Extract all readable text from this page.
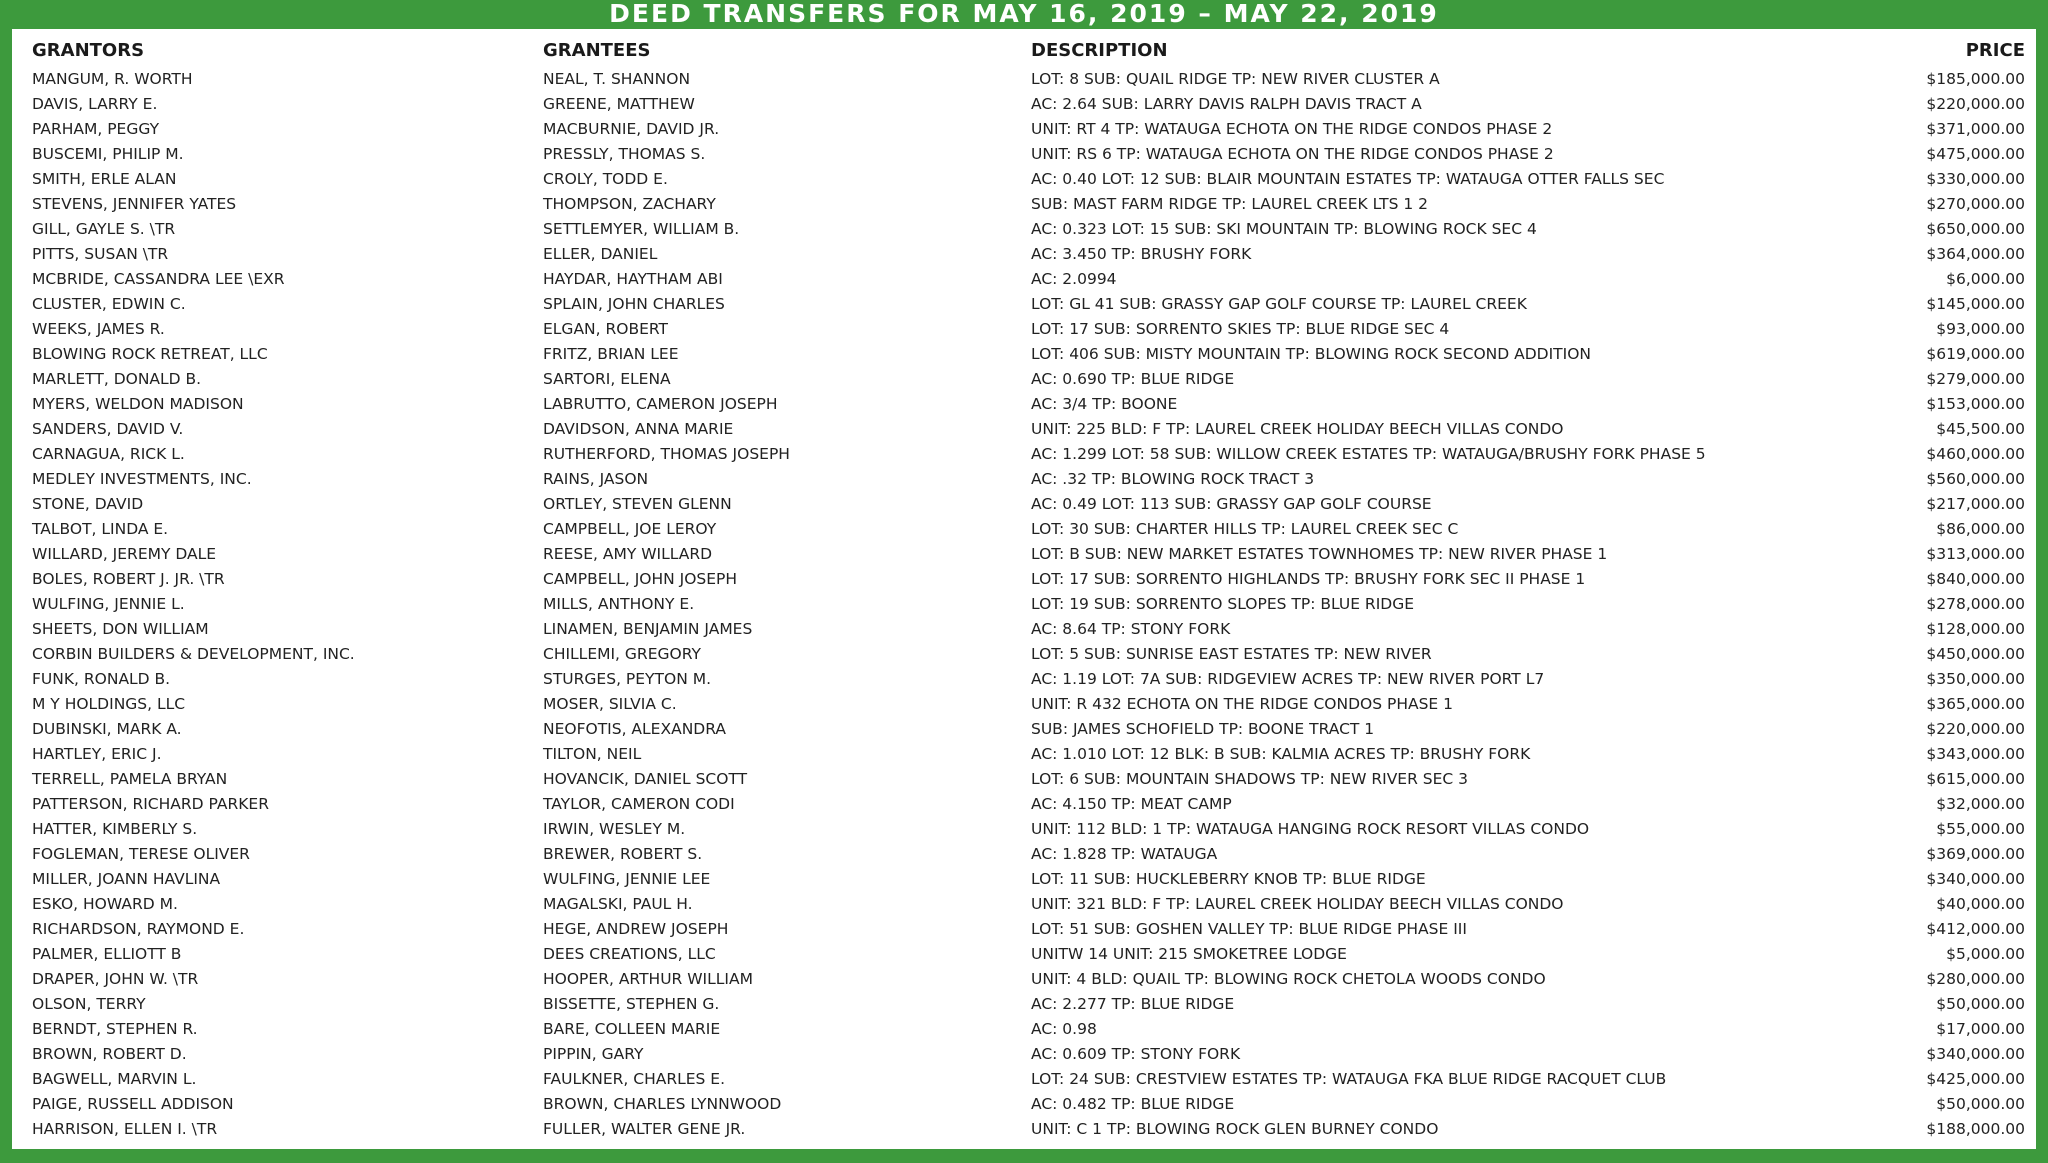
DEED TRANSFERS FOR MAY 16, 2019 – MAY 22, 2019
GRANTORS	GRANTEES	DESCRIPTION	PRICE
MANGUM, R. WORTH	NEAL, T. SHANNON	LOT: 8 SUB: QUAIL RIDGE TP: NEW RIVER CLUSTER A	$185,000.00
DAVIS, LARRY E.	GREENE, MATTHEW	AC: 2.64 SUB: LARRY DAVIS RALPH DAVIS TRACT A	$220,000.00
PARHAM, PEGGY	MACBURNIE, DAVID JR.	UNIT: RT 4 TP: WATAUGA ECHOTA ON THE RIDGE CONDOS PHASE 2	$371,000.00
BUSCEMI, PHILIP M.	PRESSLY, THOMAS S.	UNIT: RS 6 TP: WATAUGA ECHOTA ON THE RIDGE CONDOS PHASE 2	$475,000.00
SMITH, ERLE ALAN	CROLY, TODD E.	AC: 0.40 LOT: 12 SUB: BLAIR MOUNTAIN ESTATES TP: WATAUGA OTTER FALLS SEC	$330,000.00
STEVENS, JENNIFER YATES	THOMPSON, ZACHARY	SUB: MAST FARM RIDGE TP: LAUREL CREEK LTS 1 2	$270,000.00
GILL, GAYLE S. \TR	SETTLEMYER, WILLIAM B.	AC: 0.323 LOT: 15 SUB: SKI MOUNTAIN TP: BLOWING ROCK SEC 4	$650,000.00
PITTS, SUSAN \TR	ELLER, DANIEL	AC: 3.450 TP: BRUSHY FORK	$364,000.00
MCBRIDE, CASSANDRA LEE \EXR	HAYDAR, HAYTHAM ABI	AC: 2.0994	$6,000.00
CLUSTER, EDWIN C.	SPLAIN, JOHN CHARLES	LOT: GL 41 SUB: GRASSY GAP GOLF COURSE TP: LAUREL CREEK	$145,000.00
WEEKS, JAMES R.	ELGAN, ROBERT	LOT: 17 SUB: SORRENTO SKIES TP: BLUE RIDGE SEC 4	$93,000.00
BLOWING ROCK RETREAT, LLC	FRITZ, BRIAN LEE	LOT: 406 SUB: MISTY MOUNTAIN TP: BLOWING ROCK SECOND ADDITION	$619,000.00
MARLETT, DONALD B.	SARTORI, ELENA	AC: 0.690 TP: BLUE RIDGE	$279,000.00
MYERS, WELDON MADISON	LABRUTTO, CAMERON JOSEPH	AC: 3/4 TP: BOONE	$153,000.00
SANDERS, DAVID V.	DAVIDSON, ANNA MARIE	UNIT: 225 BLD: F TP: LAUREL CREEK HOLIDAY BEECH VILLAS CONDO	$45,500.00
CARNAGUA, RICK L.	RUTHERFORD, THOMAS JOSEPH	AC: 1.299 LOT: 58 SUB: WILLOW CREEK ESTATES TP: WATAUGA/BRUSHY FORK PHASE 5	$460,000.00
MEDLEY INVESTMENTS, INC.	RAINS, JASON	AC: .32 TP: BLOWING ROCK TRACT 3	$560,000.00
STONE, DAVID	ORTLEY, STEVEN GLENN	AC: 0.49 LOT: 113 SUB: GRASSY GAP GOLF COURSE	$217,000.00
TALBOT, LINDA E.	CAMPBELL, JOE LEROY	LOT: 30 SUB: CHARTER HILLS TP: LAUREL CREEK SEC C	$86,000.00
WILLARD, JEREMY DALE	REESE, AMY WILLARD	LOT: B SUB: NEW MARKET ESTATES TOWNHOMES TP: NEW RIVER PHASE 1	$313,000.00
BOLES, ROBERT J. JR. \TR	CAMPBELL, JOHN JOSEPH	LOT: 17 SUB: SORRENTO HIGHLANDS TP: BRUSHY FORK SEC II PHASE 1	$840,000.00
WULFING, JENNIE L.	MILLS, ANTHONY E.	LOT: 19 SUB: SORRENTO SLOPES TP: BLUE RIDGE	$278,000.00
SHEETS, DON WILLIAM	LINAMEN, BENJAMIN JAMES	AC: 8.64 TP: STONY FORK	$128,000.00
CORBIN BUILDERS & DEVELOPMENT, INC.	CHILLEMI, GREGORY	LOT: 5 SUB: SUNRISE EAST ESTATES TP: NEW RIVER	$450,000.00
FUNK, RONALD B.	STURGES, PEYTON M.	AC: 1.19 LOT: 7A SUB: RIDGEVIEW ACRES TP: NEW RIVER PORT L7	$350,000.00
M Y HOLDINGS, LLC	MOSER, SILVIA C.	UNIT: R 432 ECHOTA ON THE RIDGE CONDOS PHASE 1	$365,000.00
DUBINSKI, MARK A.	NEOFOTIS, ALEXANDRA	SUB: JAMES SCHOFIELD TP: BOONE TRACT 1	$220,000.00
HARTLEY, ERIC J.	TILTON, NEIL	AC: 1.010 LOT: 12 BLK: B SUB: KALMIA ACRES TP: BRUSHY FORK	$343,000.00
TERRELL, PAMELA BRYAN	HOVANCIK, DANIEL SCOTT	LOT: 6 SUB: MOUNTAIN SHADOWS TP: NEW RIVER SEC 3	$615,000.00
PATTERSON, RICHARD PARKER	TAYLOR, CAMERON CODI	AC: 4.150 TP: MEAT CAMP	$32,000.00
HATTER, KIMBERLY S.	IRWIN, WESLEY M.	UNIT: 112 BLD: 1 TP: WATAUGA HANGING ROCK RESORT VILLAS CONDO	$55,000.00
FOGLEMAN, TERESE OLIVER	BREWER, ROBERT S.	AC: 1.828 TP: WATAUGA	$369,000.00
MILLER, JOANN HAVLINA	WULFING, JENNIE LEE	LOT: 11 SUB: HUCKLEBERRY KNOB TP: BLUE RIDGE	$340,000.00
ESKO, HOWARD M.	MAGALSKI, PAUL H.	UNIT: 321 BLD: F TP: LAUREL CREEK HOLIDAY BEECH VILLAS CONDO	$40,000.00
RICHARDSON, RAYMOND E.	HEGE, ANDREW JOSEPH	LOT: 51 SUB: GOSHEN VALLEY TP: BLUE RIDGE PHASE III	$412,000.00
PALMER, ELLIOTT B	DEES CREATIONS, LLC	UNITW 14 UNIT: 215 SMOKETREE LODGE	$5,000.00
DRAPER, JOHN W. \TR	HOOPER, ARTHUR WILLIAM	UNIT: 4 BLD: QUAIL TP: BLOWING ROCK CHETOLA WOODS CONDO	$280,000.00
OLSON, TERRY	BISSETTE, STEPHEN G.	AC: 2.277 TP: BLUE RIDGE	$50,000.00
BERNDT, STEPHEN R.	BARE, COLLEEN MARIE	AC: 0.98	$17,000.00
BROWN, ROBERT D.	PIPPIN, GARY	AC: 0.609 TP: STONY FORK	$340,000.00
BAGWELL, MARVIN L.	FAULKNER, CHARLES E.	LOT: 24 SUB: CRESTVIEW ESTATES TP: WATAUGA FKA BLUE RIDGE RACQUET CLUB	$425,000.00
PAIGE, RUSSELL ADDISON	BROWN, CHARLES LYNNWOOD	AC: 0.482 TP: BLUE RIDGE	$50,000.00
HARRISON, ELLEN I. \TR	FULLER, WALTER GENE JR.	UNIT: C 1 TP: BLOWING ROCK GLEN BURNEY CONDO	$188,000.00
